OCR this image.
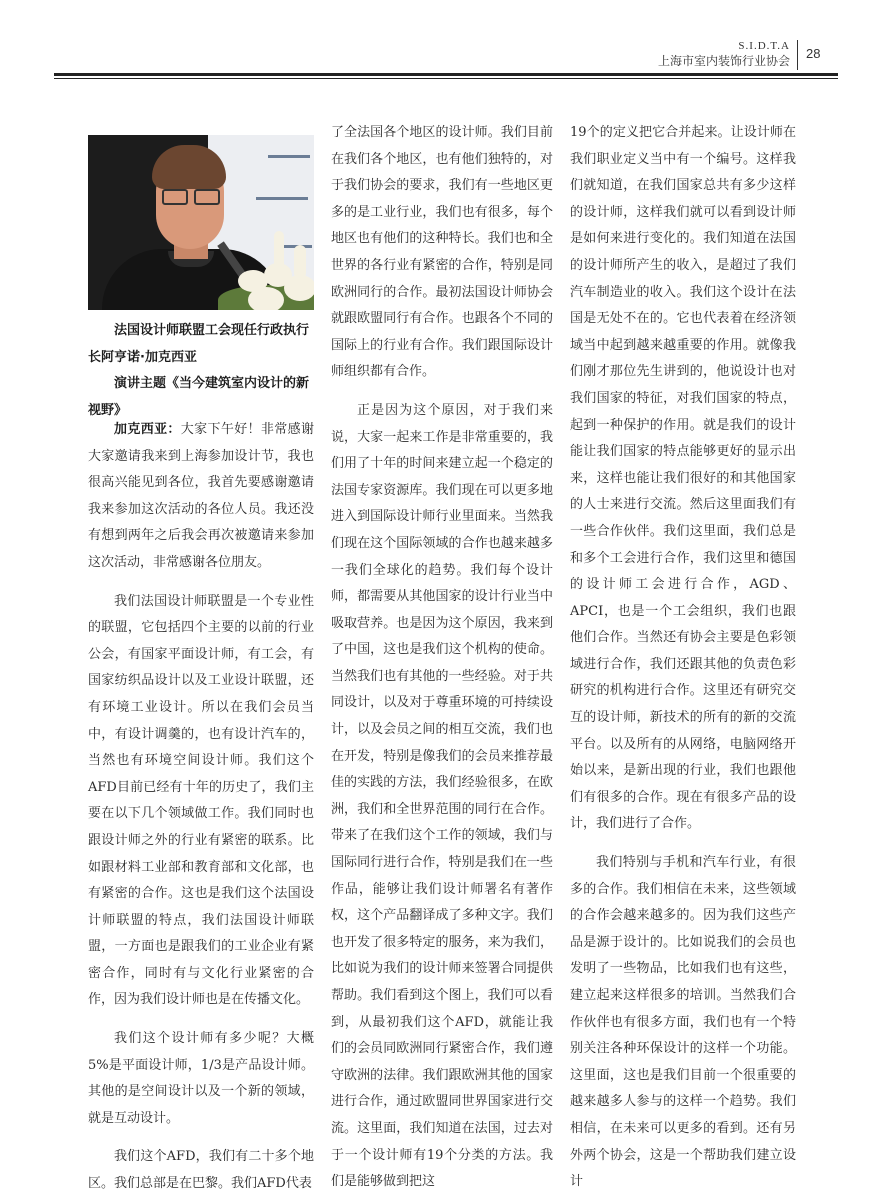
S.I.D.T.A
上海市室内装饰行业协会 28

法国设计师联盟工会现任行政执行长阿亨诺·加克西亚

演讲主题《当今建筑室内设计的新视野》

加克西亚：大家下午好！非常感谢大家邀请我来到上海参加设计节，我也很高兴能见到各位，我首先要感谢邀请我来参加这次活动的各位人员。我还没有想到两年之后我会再次被邀请来参加这次活动，非常感谢各位朋友。

我们法国设计师联盟是一个专业性的联盟，它包括四个主要的以前的行业公会，有国家平面设计师，有工会，有国家纺织品设计以及工业设计联盟，还有环境工业设计。所以在我们会员当中，有设计调羹的，也有设计汽车的，当然也有环境空间设计师。我们这个AFD目前已经有十年的历史了，我们主要在以下几个领域做工作。我们同时也跟设计师之外的行业有紧密的联系。比如跟材料工业部和教育部和文化部，也有紧密的合作。这也是我们这个法国设计师联盟的特点，我们法国设计师联盟，一方面也是跟我们的工业企业有紧密合作，同时有与文化行业紧密的合作，因为我们设计师也是在传播文化。

我们这个设计师有多少呢？大概5%是平面设计师，1/3是产品设计师。其他的是空间设计以及一个新的领域，就是互动设计。

我们这个AFD，我们有二十多个地区。我们总部是在巴黎。我们AFD代表

了全法国各个地区的设计师。我们目前在我们各个地区，也有他们独特的，对于我们协会的要求，我们有一些地区更多的是工业行业，我们也有很多，每个地区也有他们的这种特长。我们也和全世界的各行业有紧密的合作，特别是同欧洲同行的合作。最初法国设计师协会就跟欧盟同行有合作。也跟各个不同的国际上的行业有合作。我们跟国际设计师组织都有合作。

正是因为这个原因，对于我们来说，大家一起来工作是非常重要的，我们用了十年的时间来建立起一个稳定的法国专家资源库。我们现在可以更多地进入到国际设计师行业里面来。当然我们现在这个国际领域的合作也越来越多一我们全球化的趋势。我们每个设计师，都需要从其他国家的设计行业当中吸取营养。也是因为这个原因，我来到了中国，这也是我们这个机构的使命。当然我们也有其他的一些经验。对于共同设计，以及对于尊重环境的可持续设计，以及会员之间的相互交流，我们也在开发，特别是像我们的会员来推荐最佳的实践的方法，我们经验很多，在欧洲，我们和全世界范围的同行在合作。带来了在我们这个工作的领域，我们与国际同行进行合作，特别是我们在一些作品，能够让我们设计师署名有著作权，这个产品翻译成了多种文字。我们也开发了很多特定的服务，来为我们，比如说为我们的设计师来签署合同提供帮助。我们看到这个图上，我们可以看到，从最初我们这个AFD，就能让我们的会员同欧洲同行紧密合作，我们遵守欧洲的法律。我们跟欧洲其他的国家进行合作，通过欧盟同世界国家进行交流。这里面，我们知道在法国，过去对于一个设计师有19个分类的方法。我们是能够做到把这

19个的定义把它合并起来。让设计师在我们职业定义当中有一个编号。这样我们就知道，在我们国家总共有多少这样的设计师，这样我们就可以看到设计师是如何来进行变化的。我们知道在法国的设计师所产生的收入，是超过了我们汽车制造业的收入。我们这个设计在法国是无处不在的。它也代表着在经济领域当中起到越来越重要的作用。就像我们刚才那位先生讲到的，他说设计也对我们国家的特征，对我们国家的特点，起到一种保护的作用。就是我们的设计能让我们国家的特点能够更好的显示出来，这样也能让我们很好的和其他国家的人士来进行交流。然后这里面我们有一些合作伙伴。我们这里面，我们总是和多个工会进行合作，我们这里和德国的设计师工会进行合作，AGD、APCI，也是一个工会组织，我们也跟他们合作。当然还有协会主要是色彩领域进行合作，我们还跟其他的负责色彩研究的机构进行合作。这里还有研究交互的设计师，新技术的所有的新的交流平台。以及所有的从网络，电脑网络开始以来，是新出现的行业，我们也跟他们有很多的合作。现在有很多产品的设计，我们进行了合作。

我们特别与手机和汽车行业，有很多的合作。我们相信在未来，这些领域的合作会越来越多的。因为我们这些产品是源于设计的。比如说我们的会员也发明了一些物品，比如我们也有这些，建立起来这样很多的培训。当然我们合作伙伴也有很多方面，我们也有一个特别关注各种环保设计的这样一个功能。这里面，这也是我们目前一个很重要的越来越多人参与的这样一个趋势。我们相信，在未来可以更多的看到。还有另外两个协会，这是一个帮助我们建立设计
